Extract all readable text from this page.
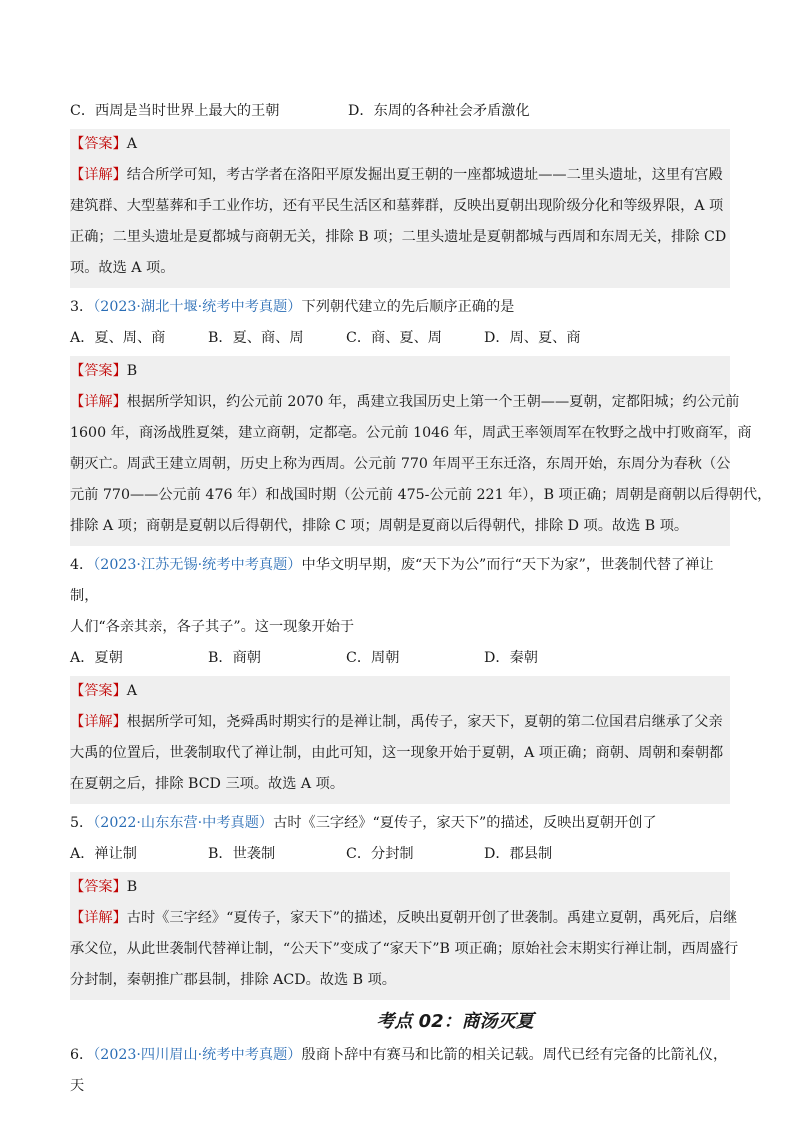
C．西周是当时世界上最大的王朝	D．东周的各种社会矛盾激化
【答案】A
【详解】结合所学可知，考古学者在洛阳平原发掘出夏王朝的一座都城遗址——二里头遗址，这里有宫殿
建筑群、大型墓葬和手工业作坊，还有平民生活区和墓葬群，反映出夏朝出现阶级分化和等级界限，A 项
正确；二里头遗址是夏都城与商朝无关，排除 B 项；二里头遗址是夏朝都城与西周和东周无关，排除 CD
项。故选 A 项。
3．（2023·湖北十堰·统考中考真题）下列朝代建立的先后顺序正确的是
A．夏、周、商	B．夏、商、周	C．商、夏、周	D．周、夏、商
【答案】B
【详解】根据所学知识，约公元前 2070 年，禹建立我国历史上第一个王朝——夏朝，定都阳城；约公元前
1600 年，商汤战胜夏桀，建立商朝，定都亳。公元前 1046 年，周武王率领周军在牧野之战中打败商军，商
朝灭亡。周武王建立周朝，历史上称为西周。公元前 770 年周平王东迁洛，东周开始，东周分为春秋（公
元前 770——公元前 476 年）和战国时期（公元前 475-公元前 221 年），B 项正确；周朝是商朝以后得朝代，
排除 A 项；商朝是夏朝以后得朝代，排除 C 项；周朝是夏商以后得朝代，排除 D 项。故选 B 项。
4．（2023·江苏无锡·统考中考真题）中华文明早期，废“天下为公”而行“天下为家”，世袭制代替了禅让制，
人们“各亲其亲，各子其子”。这一现象开始于
A．夏朝	B．商朝	C．周朝	D．秦朝
【答案】A
【详解】根据所学可知，尧舜禹时期实行的是禅让制，禹传子，家天下，夏朝的第二位国君启继承了父亲
大禹的位置后，世袭制取代了禅让制，由此可知，这一现象开始于夏朝，A 项正确；商朝、周朝和秦朝都
在夏朝之后，排除 BCD 三项。故选 A 项。
5．（2022·山东东营·中考真题）古时《三字经》“夏传子，家天下”的描述，反映出夏朝开创了
A．禅让制	B．世袭制	C．分封制	D．郡县制
【答案】B
【详解】古时《三字经》“夏传子，家天下”的描述，反映出夏朝开创了世袭制。禹建立夏朝，禹死后，启继
承父位，从此世袭制代替禅让制，“公天下”变成了“家天下”B 项正确；原始社会末期实行禅让制，西周盛行
分封制，秦朝推广郡县制，排除 ACD。故选 B 项。
考点 02：商汤灭夏
6．（2023·四川眉山·统考中考真题）殷商卜辞中有赛马和比箭的相关记载。周代已经有完备的比箭礼仪，天
